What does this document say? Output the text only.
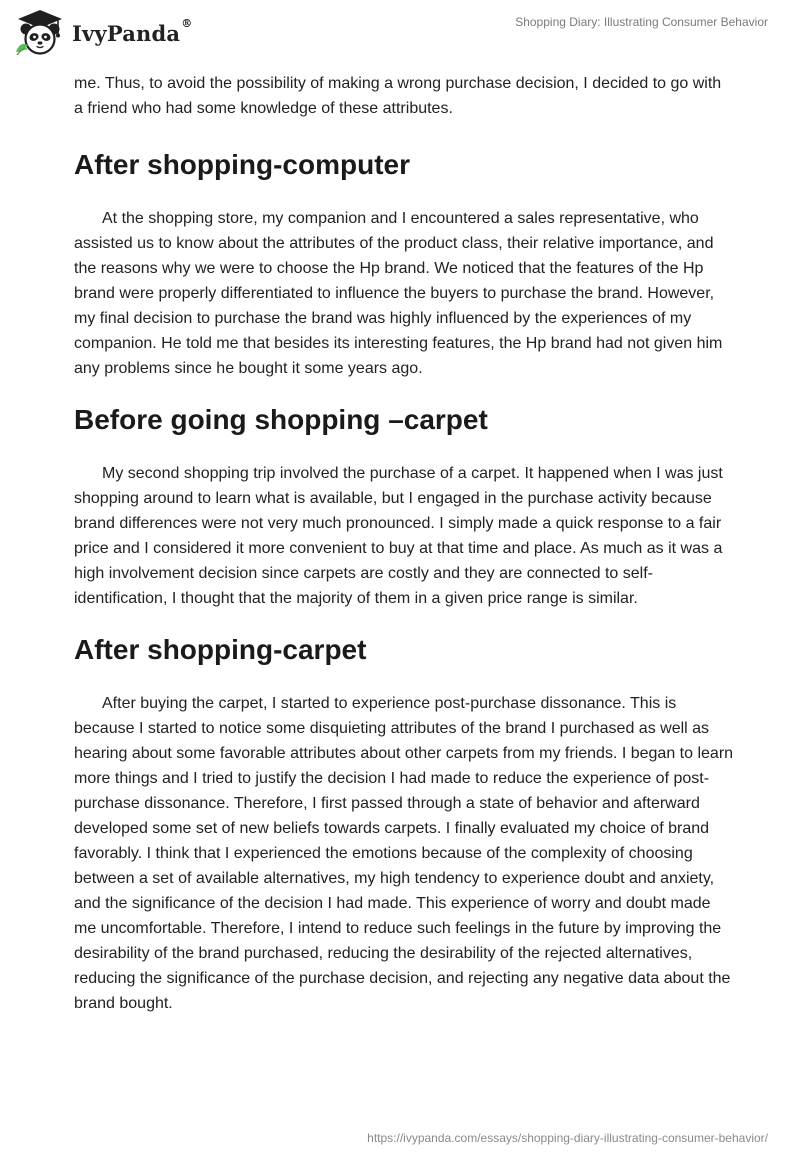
IvyPanda®	Shopping Diary: Illustrating Consumer Behavior

me. Thus, to avoid the possibility of making a wrong purchase decision, I decided to go with a friend who had some knowledge of these attributes.

After shopping-computer

At the shopping store, my companion and I encountered a sales representative, who assisted us to know about the attributes of the product class, their relative importance, and the reasons why we were to choose the Hp brand. We noticed that the features of the Hp brand were properly differentiated to influence the buyers to purchase the brand. However, my final decision to purchase the brand was highly influenced by the experiences of my companion. He told me that besides its interesting features, the Hp brand had not given him any problems since he bought it some years ago.

Before going shopping –carpet

My second shopping trip involved the purchase of a carpet. It happened when I was just shopping around to learn what is available, but I engaged in the purchase activity because brand differences were not very much pronounced. I simply made a quick response to a fair price and I considered it more convenient to buy at that time and place. As much as it was a high involvement decision since carpets are costly and they are connected to self-identification, I thought that the majority of them in a given price range is similar.

After shopping-carpet

After buying the carpet, I started to experience post-purchase dissonance. This is because I started to notice some disquieting attributes of the brand I purchased as well as hearing about some favorable attributes about other carpets from my friends. I began to learn more things and I tried to justify the decision I had made to reduce the experience of post-purchase dissonance. Therefore, I first passed through a state of behavior and afterward developed some set of new beliefs towards carpets. I finally evaluated my choice of brand favorably. I think that I experienced the emotions because of the complexity of choosing between a set of available alternatives, my high tendency to experience doubt and anxiety, and the significance of the decision I had made. This experience of worry and doubt made me uncomfortable. Therefore, I intend to reduce such feelings in the future by improving the desirability of the brand purchased, reducing the desirability of the rejected alternatives, reducing the significance of the purchase decision, and rejecting any negative data about the brand bought.

https://ivypanda.com/essays/shopping-diary-illustrating-consumer-behavior/
